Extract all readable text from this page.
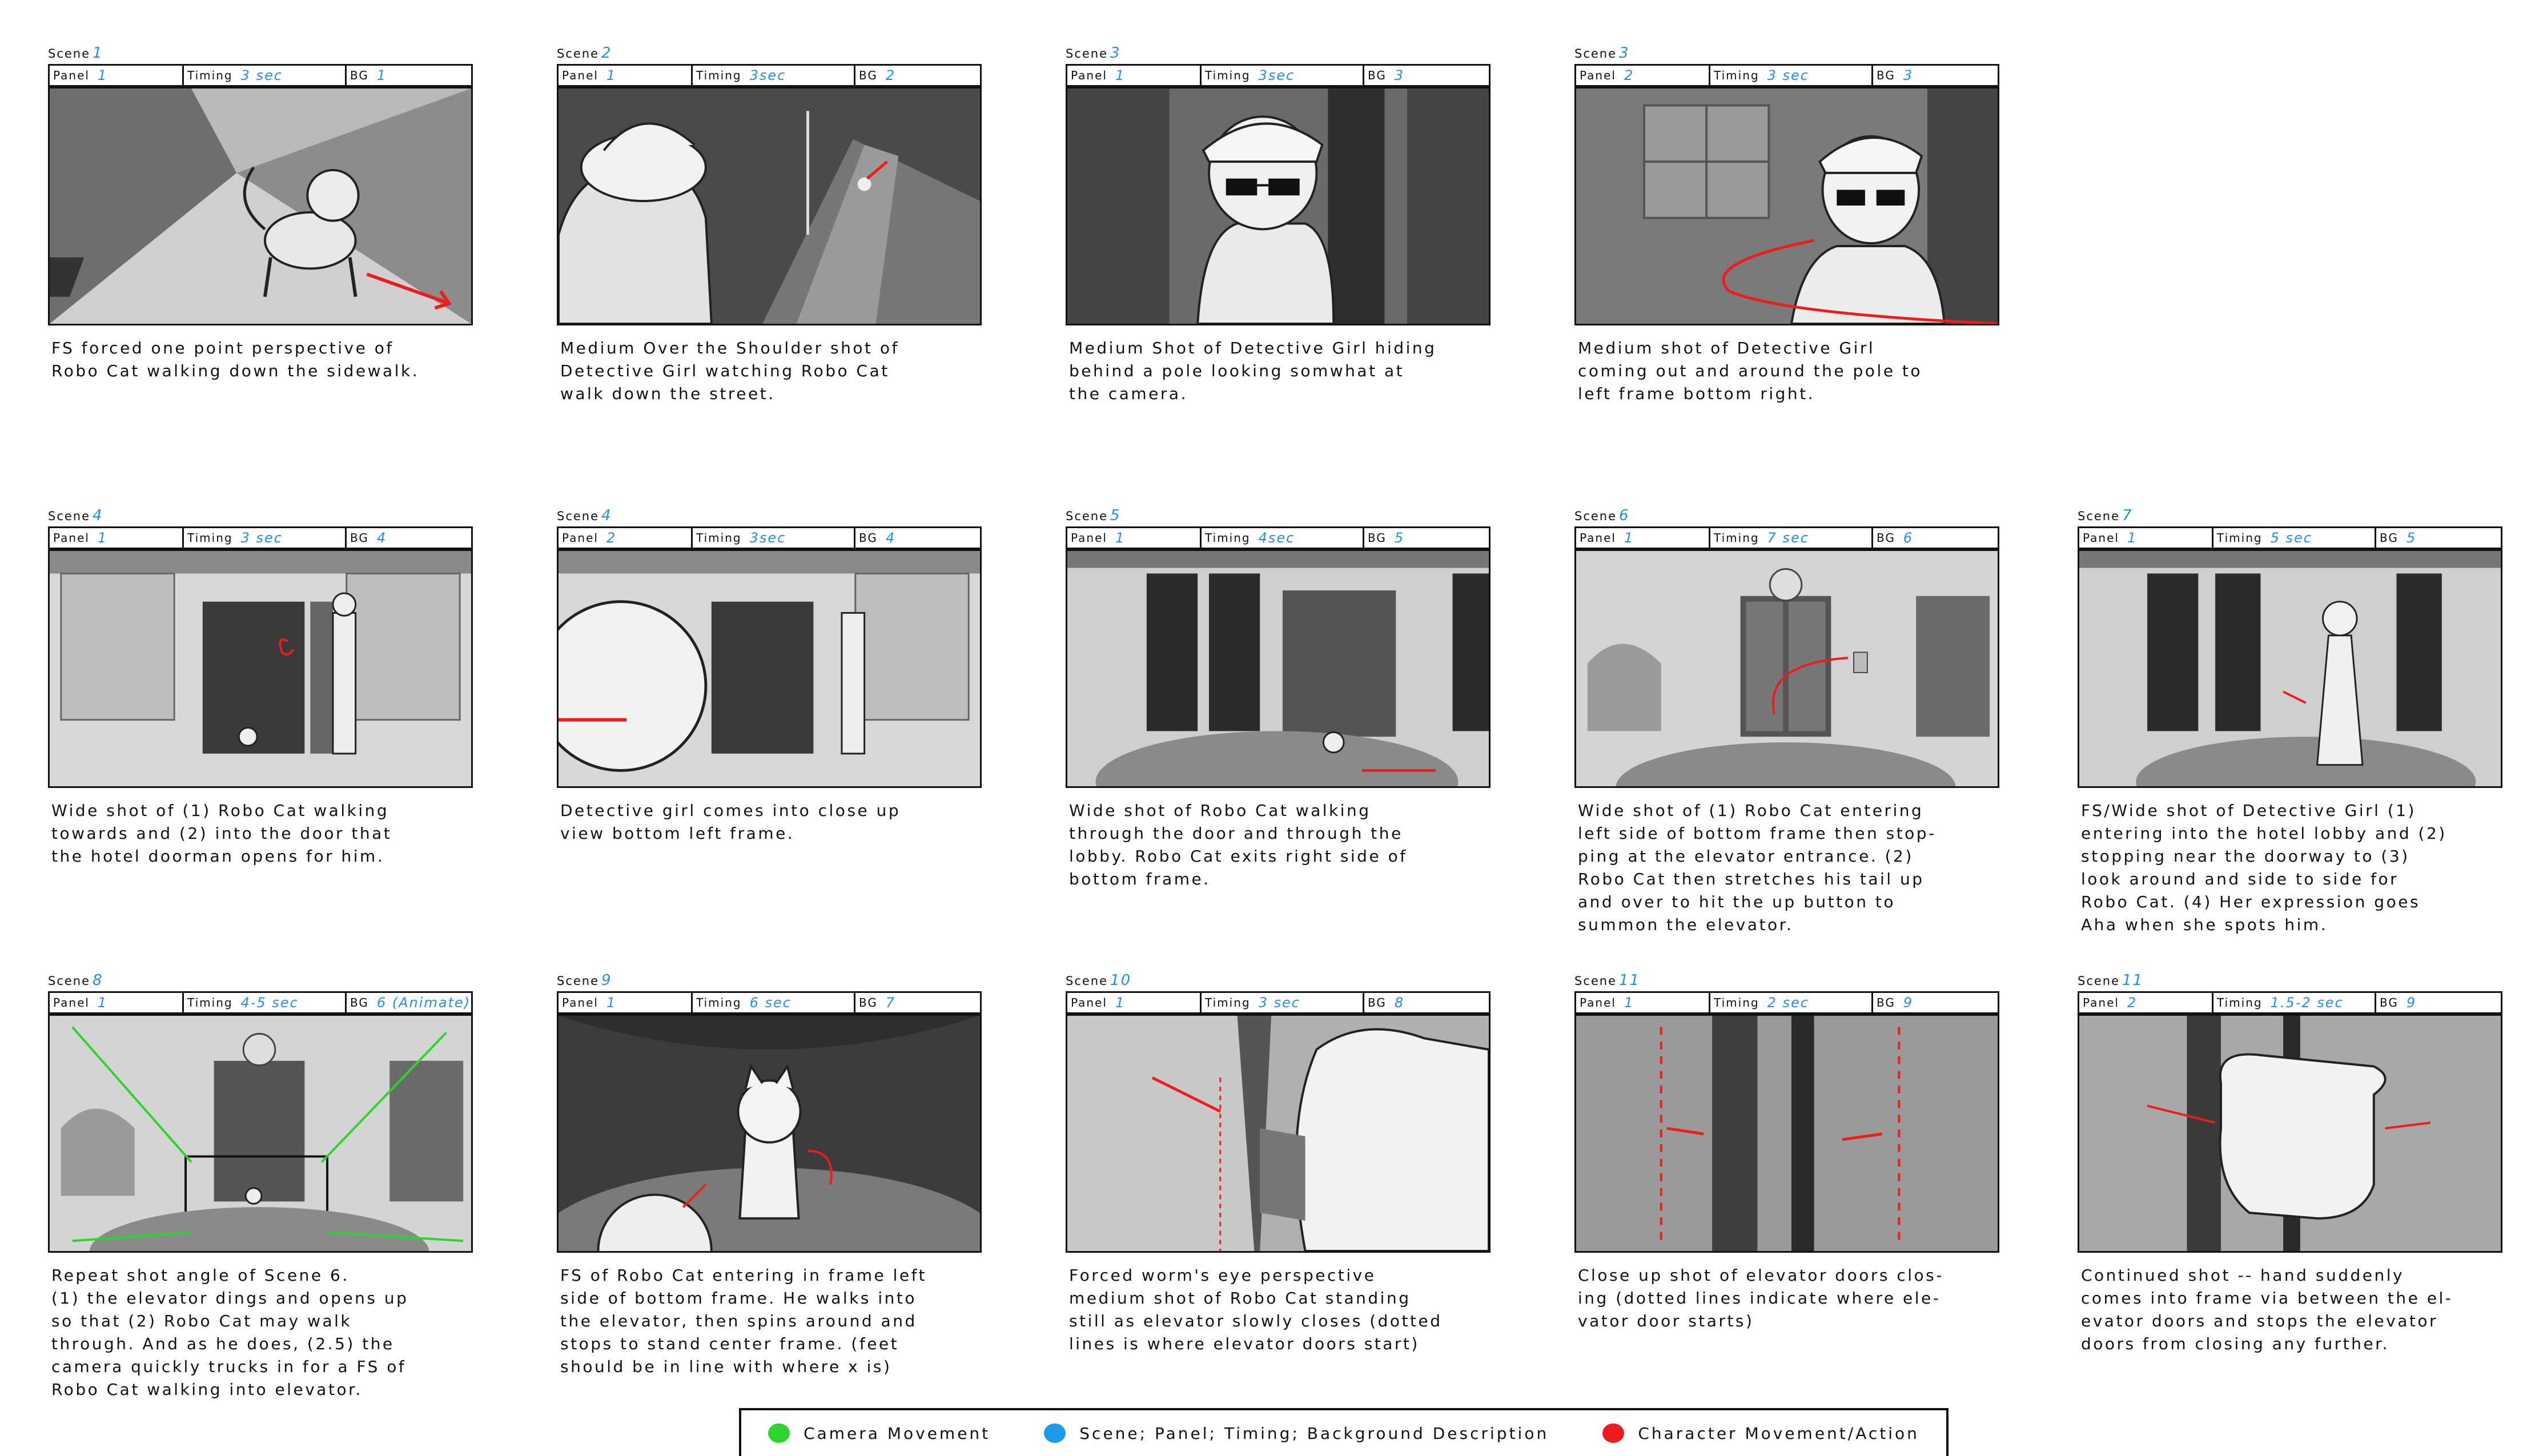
Scene 1
Panel 1	Timing 3 sec	BG 1
FS forced one point perspective of
Robo Cat walking down the sidewalk.
Scene 2
Panel 1	Timing 3sec	BG 2
Medium Over the Shoulder shot of
Detective Girl watching Robo Cat
walk down the street.
Scene 3
Panel 1	Timing 3sec	BG 3
Medium Shot of Detective Girl hiding
behind a pole looking somwhat at
the camera.
Scene 3
Panel 2	Timing 3 sec	BG 3
Medium shot of Detective Girl
coming out and around the pole to
left frame bottom right.
Scene 4
Panel 1	Timing 3 sec	BG 4
Wide shot of (1) Robo Cat walking
towards and (2) into the door that
the hotel doorman opens for him.
Scene 4
Panel 2	Timing 3sec	BG 4
Detective girl comes into close up
view bottom left frame.
Scene 5
Panel 1	Timing 4sec	BG 5
Wide shot of Robo Cat walking
through the door and through the
lobby. Robo Cat exits right side of
bottom frame.
Scene 6
Panel 1	Timing 7 sec	BG 6
Wide shot of (1) Robo Cat entering
left side of bottom frame then stop-
ping at the elevator entrance. (2)
Robo Cat then stretches his tail up
and over to hit the up button to
summon the elevator.
Scene 7
Panel 1	Timing 5 sec	BG 5
FS/Wide shot of Detective Girl (1)
entering into the hotel lobby and (2)
stopping near the doorway to (3)
look around and side to side for
Robo Cat. (4) Her expression goes
Aha when she spots him.
Scene 8
Panel 1	Timing 4-5 sec	BG 6 (Animate)
Repeat shot angle of Scene 6.
(1) the elevator dings and opens up
so that (2) Robo Cat may walk
through. And as he does, (2.5) the
camera quickly trucks in for a FS of
Robo Cat walking into elevator.
Scene 9
Panel 1	Timing 6 sec	BG 7
FS of Robo Cat entering in frame left
side of bottom frame. He walks into
the elevator, then spins around and
stops to stand center frame. (feet
should be in line with where x is)
Scene 10
Panel 1	Timing 3 sec	BG 8
Forced worm's eye perspective
medium shot of Robo Cat standing
still as elevator slowly closes (dotted
lines is where elevator doors start)
Scene 11
Panel 1	Timing 2 sec	BG 9
Close up shot of elevator doors clos-
ing (dotted lines indicate where ele-
vator door starts)
Scene 11
Panel 2	Timing 1.5-2 sec	BG 9
Continued shot -- hand suddenly
comes into frame via between the el-
evator doors and stops the elevator
doors from closing any further.
Camera Movement	Scene; Panel; Timing; Background Description	Character Movement/Action
